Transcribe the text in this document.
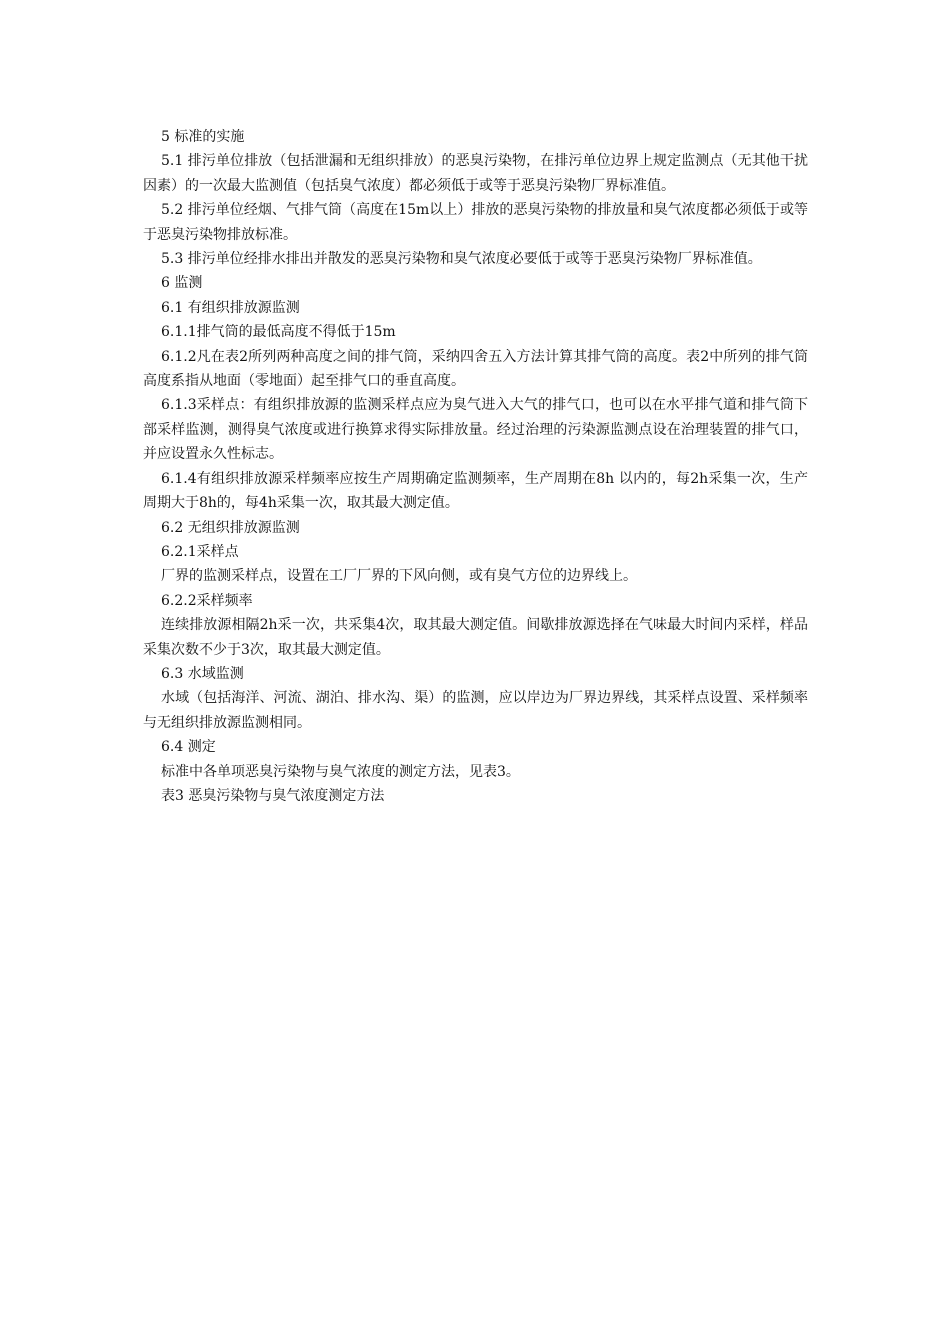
5 标准的实施

5.1 排污单位排放（包括泄漏和无组织排放）的恶臭污染物，在排污单位边界上规定监测点（无其他干扰因素）的一次最大监测值（包括臭气浓度）都必须低于或等于恶臭污染物厂界标准值。

5.2 排污单位经烟、气排气筒（高度在15m以上）排放的恶臭污染物的排放量和臭气浓度都必须低于或等于恶臭污染物排放标准。

5.3 排污单位经排水排出并散发的恶臭污染物和臭气浓度必要低于或等于恶臭污染物厂界标准值。

6 监测

6.1 有组织排放源监测

6.1.1排气筒的最低高度不得低于15m

6.1.2凡在表2所列两种高度之间的排气筒，采纳四舍五入方法计算其排气筒的高度。表2中所列的排气筒高度系指从地面（零地面）起至排气口的垂直高度。

6.1.3采样点：有组织排放源的监测采样点应为臭气进入大气的排气口，也可以在水平排气道和排气筒下部采样监测，测得臭气浓度或进行换算求得实际排放量。经过治理的污染源监测点设在治理装置的排气口，并应设置永久性标志。

6.1.4有组织排放源采样频率应按生产周期确定监测频率，生产周期在8h 以内的，每2h采集一次，生产周期大于8h的，每4h采集一次，取其最大测定值。

6.2 无组织排放源监测

6.2.1采样点

厂界的监测采样点，设置在工厂厂界的下风向侧，或有臭气方位的边界线上。

6.2.2采样频率

连续排放源相隔2h采一次，共采集4次，取其最大测定值。间歇排放源选择在气味最大时间内采样，样品采集次数不少于3次，取其最大测定值。

6.3 水域监测

水域（包括海洋、河流、湖泊、排水沟、渠）的监测，应以岸边为厂界边界线，其采样点设置、采样频率与无组织排放源监测相同。

6.4 测定

标准中各单项恶臭污染物与臭气浓度的测定方法，见表3。

表3 恶臭污染物与臭气浓度测定方法
